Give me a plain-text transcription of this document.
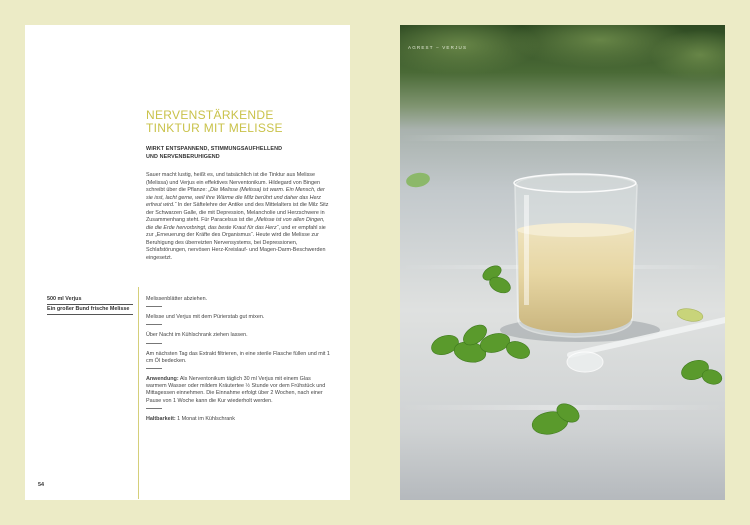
NERVENSTÄRKENDE
TINKTUR MIT MELISSE
WIRKT ENTSPANNEND, STIMMUNGSAUFHELLEND
UND NERVENBERUHIGEND
Sauer macht lustig, heißt es, und tatsächlich ist die Tinktur aus Melisse (Melissa) und Verjus ein effektives Nerventonikum. Hildegard von Bingen schreibt über die Pflanze: „Die Melisse (Melissa) ist warm. Ein Mensch, der sie isst, lacht gerne, weil ihre Wärme die Milz berührt und daher das Herz erfreut wird.“ In der Säftelehre der Antike und des Mittelalters ist die Milz Sitz der Schwarzen Galle, die mit Depression, Melancholie und Herzschwere in Zusammenhang steht. Für Paracelsus ist die „Melisse ist von allen Dingen, die die Erde hervorbringt, das beste Kraut für das Herz“, und er empfahl sie zur „Erneuerung der Kräfte des Organismus“. Heute wird die Melisse zur Beruhigung des überreizten Nervensystems, bei Depressionen, Schlafstörungen, nervösen Herz-Kreislauf- und Magen-Darm-Beschwerden eingesetzt.
500 ml Verjus
Ein großer Bund frische Melisse
Melissenblätter abziehen.
Melisse und Verjus mit dem Pürierstab gut mixen.
Über Nacht im Kühlschrank ziehen lassen.
Am nächsten Tag das Extrakt filtrieren, in eine sterile Flasche füllen und mit 1 cm Öl bedecken.
Anwendung: Als Nerventonikum täglich 30 ml Verjus mit einem Glas warmem Wasser oder mildem Kräutertee ½ Stunde vor dem Frühstück und Mittagessen einnehmen. Die Einnahme erfolgt über 2 Wochen, nach einer Pause von 1 Woche kann die Kur wiederholt werden.
Haltbarkeit: 1 Monat im Kühlschrank
54
AGREST – VERJUS
